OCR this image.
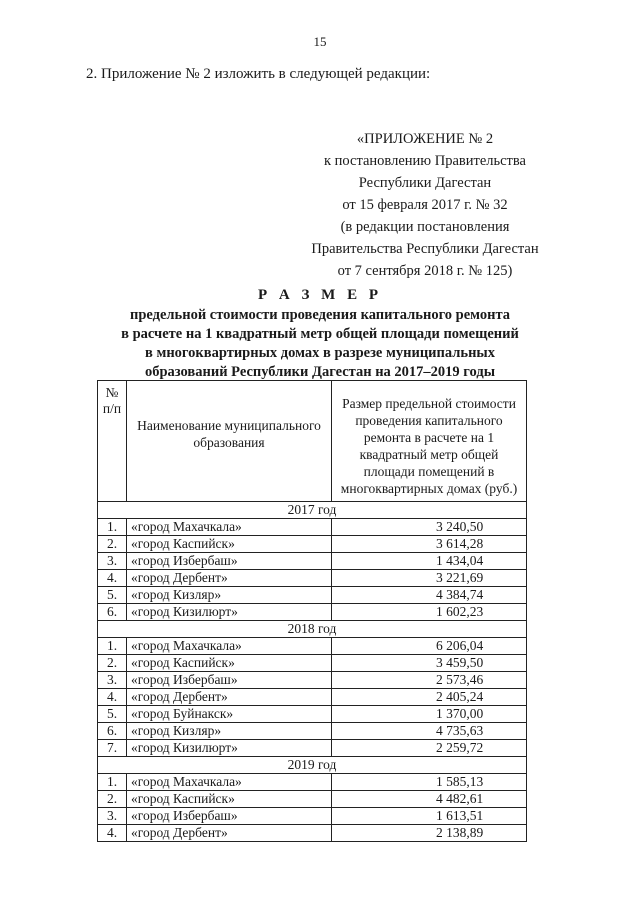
15
2. Приложение № 2 изложить в следующей редакции:
«ПРИЛОЖЕНИЕ № 2
к постановлению Правительства
Республики Дагестан
от 15 февраля 2017 г. № 32
(в редакции постановления
Правительства Республики Дагестан
от 7 сентября 2018 г. № 125)
Р А З М Е Р
предельной стоимости проведения капитального ремонта
в расчете на 1 квадратный метр общей площади помещений
в многоквартирных домах в разрезе муниципальных
образований Республики Дагестан на 2017–2019 годы
№ п/п	Наименование муниципального образования	Размер предельной стоимости проведения капитального ремонта в расчете на 1 квадратный метр общей площади помещений в многоквартирных домах (руб.)

2017 год		
1.	«город Махачкала»	3 240,50
2.	«город Каспийск»	3 614,28
3.	«город Избербаш»	1 434,04
4.	«город Дербент»	3 221,69
5.	«город Кизляр»	4 384,74
6.	«город Кизилюрт»	1 602,23
2018 год		
1.	«город Махачкала»	6 206,04
2.	«город Каспийск»	3 459,50
3.	«город Избербаш»	2 573,46
4.	«город Дербент»	2 405,24
5.	«город Буйнакск»	1 370,00
6.	«город Кизляр»	4 735,63
7.	«город Кизилюрт»	2 259,72
2019 год		
1.	«город Махачкала»	1 585,13
2.	«город Каспийск»	4 482,61
3.	«город Избербаш»	1 613,51
4.	«город Дербент»	2 138,89
